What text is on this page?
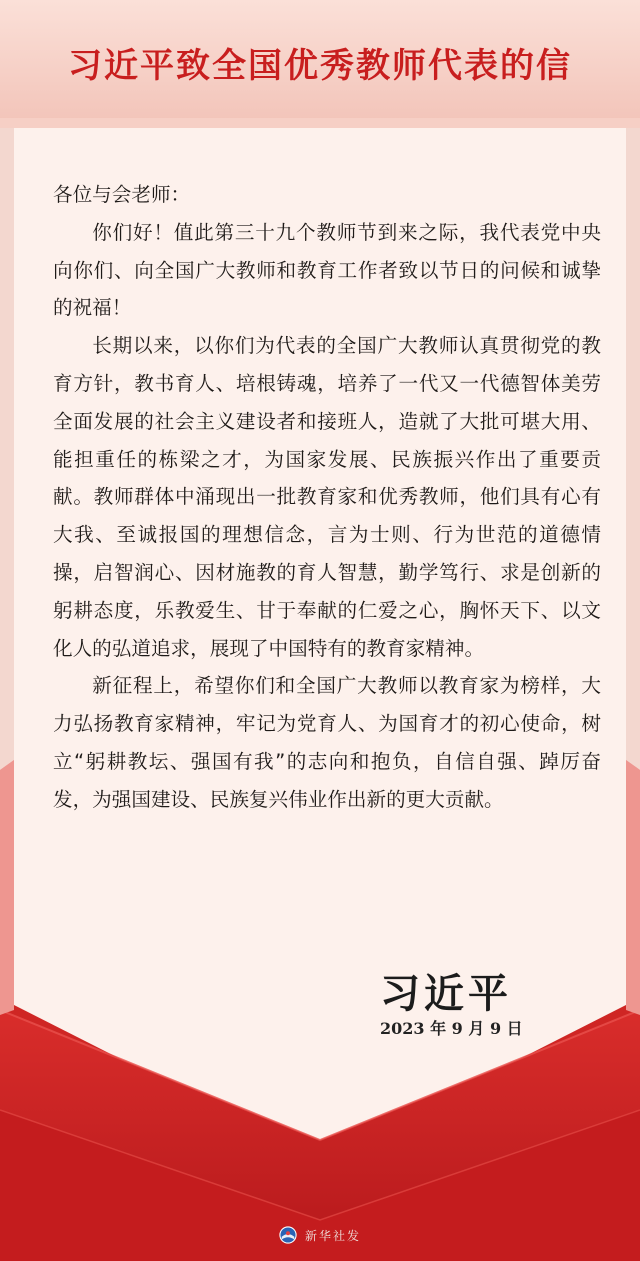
习近平致全国优秀教师代表的信

各位与会老师：

你们好！值此第三十九个教师节到来之际，我代表党中央向你们、向全国广大教师和教育工作者致以节日的问候和诚挚的祝福！

长期以来，以你们为代表的全国广大教师认真贯彻党的教育方针，教书育人、培根铸魂，培养了一代又一代德智体美劳全面发展的社会主义建设者和接班人，造就了大批可堪大用、能担重任的栋梁之才，为国家发展、民族振兴作出了重要贡献。教师群体中涌现出一批教育家和优秀教师，他们具有心有大我、至诚报国的理想信念，言为士则、行为世范的道德情操，启智润心、因材施教的育人智慧，勤学笃行、求是创新的躬耕态度，乐教爱生、甘于奉献的仁爱之心，胸怀天下、以文化人的弘道追求，展现了中国特有的教育家精神。

新征程上，希望你们和全国广大教师以教育家为榜样，大力弘扬教育家精神，牢记为党育人、为国育才的初心使命，树立“躬耕教坛、强国有我”的志向和抱负，自信自强、踔厉奋发，为强国建设、民族复兴伟业作出新的更大贡献。

习近平
2023 年 9 月 9 日
新华社发
